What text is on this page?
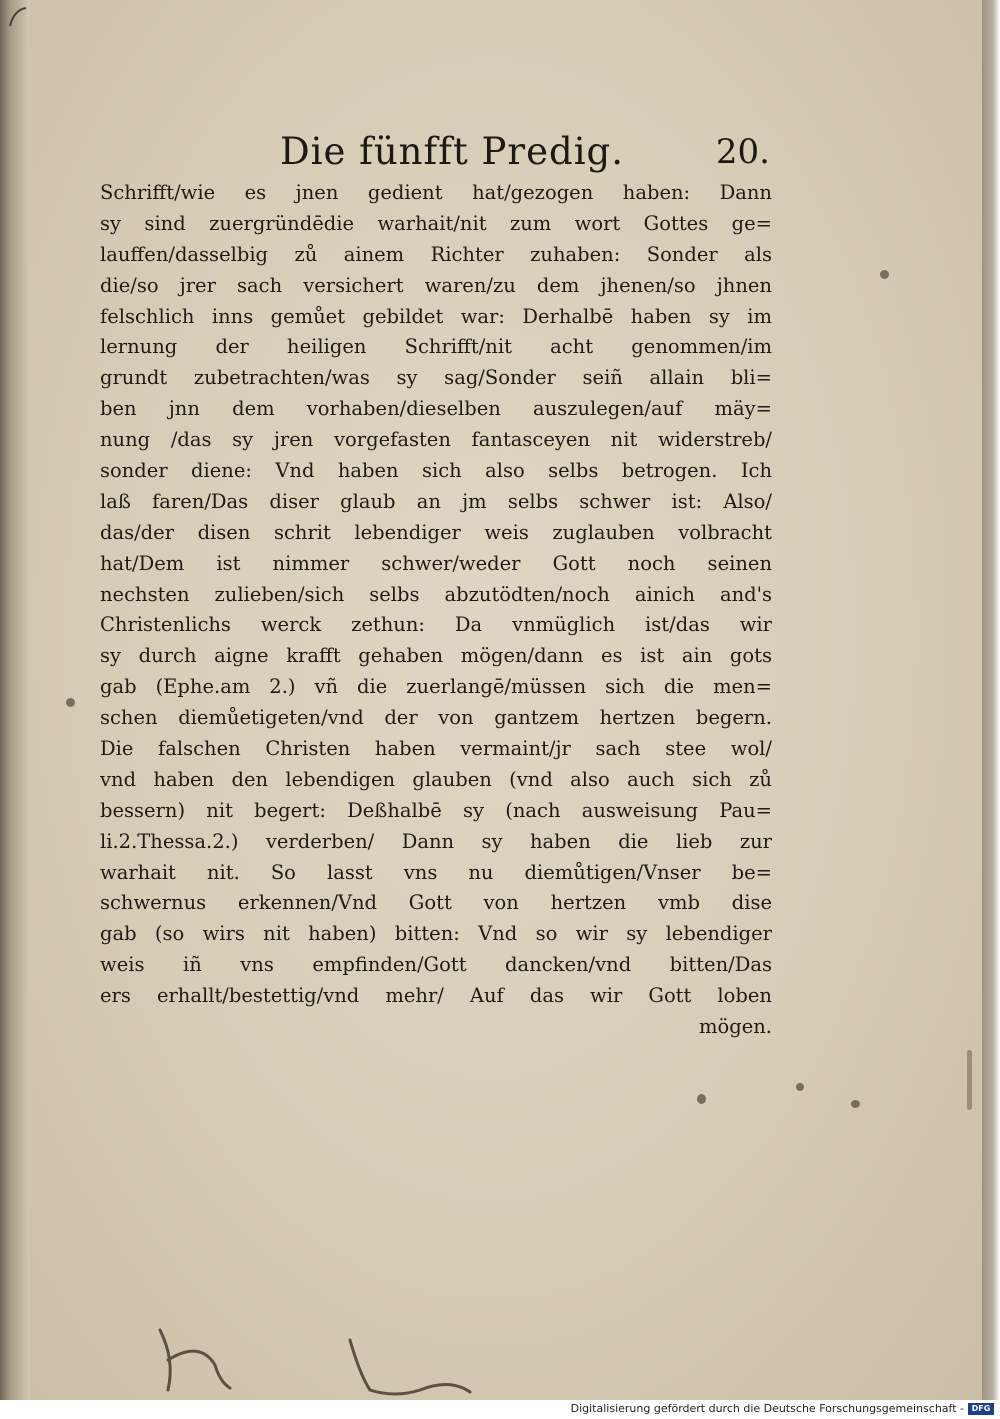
Die fünfft Predig.	20.
Schrifft/wie es jnen gedient hat/gezogen haben: Dann
sy sind zuergründēdie warhait/nit zum wort Gottes ge=
lauffen/dasselbig zů ainem Richter zuhaben: Sonder als
die/so jrer sach versichert waren/zu dem jhenen/so jhnen
felschlich inns gemůet gebildet war: Derhalbē haben sy im
lernung der heiligen Schrifft/nit acht genommen/im
grundt zubetrachten/was sy sag/Sonder seiñ allain bli=
ben jnn dem vorhaben/dieselben auszulegen/auf mäy=
nung /das sy jren vorgefasten fantasceyen nit widerstreb/
sonder diene: Vnd haben sich also selbs betrogen. Ich
laß faren/Das diser glaub an jm selbs schwer ist: Also/
das/der disen schrit lebendiger weis zuglauben volbracht
hat/Dem ist nimmer schwer/weder Gott noch seinen
nechsten zulieben/sich selbs abzutödten/noch ainich and's
Christenlichs werck zethun: Da vnmüglich ist/das wir
sy durch aigne krafft gehaben mögen/dann es ist ain gots
gab (Ephe.am 2.) vñ die zuerlangē/müssen sich die men=
schen diemůetigeten/vnd der von gantzem hertzen begern.
Die falschen Christen haben vermaint/jr sach stee wol/
vnd haben den lebendigen glauben (vnd also auch sich zů
bessern) nit begert: Deßhalbē sy (nach ausweisung Pau=
li.2.Thessa.2.) verderben/ Dann sy haben die lieb zur
warhait nit. So lasst vns nu diemůtigen/Vnser be=
schwernus erkennen/Vnd Gott von hertzen vmb dise
gab (so wirs nit haben) bitten: Vnd so wir sy lebendiger
weis iñ vns empfinden/Gott dancken/vnd bitten/Das
ers erhallt/bestettig/vnd mehr/ Auf das wir Gott loben
mögen.
Digitalisierung gefördert durch die Deutsche Forschungsgemeinschaft - DFG
